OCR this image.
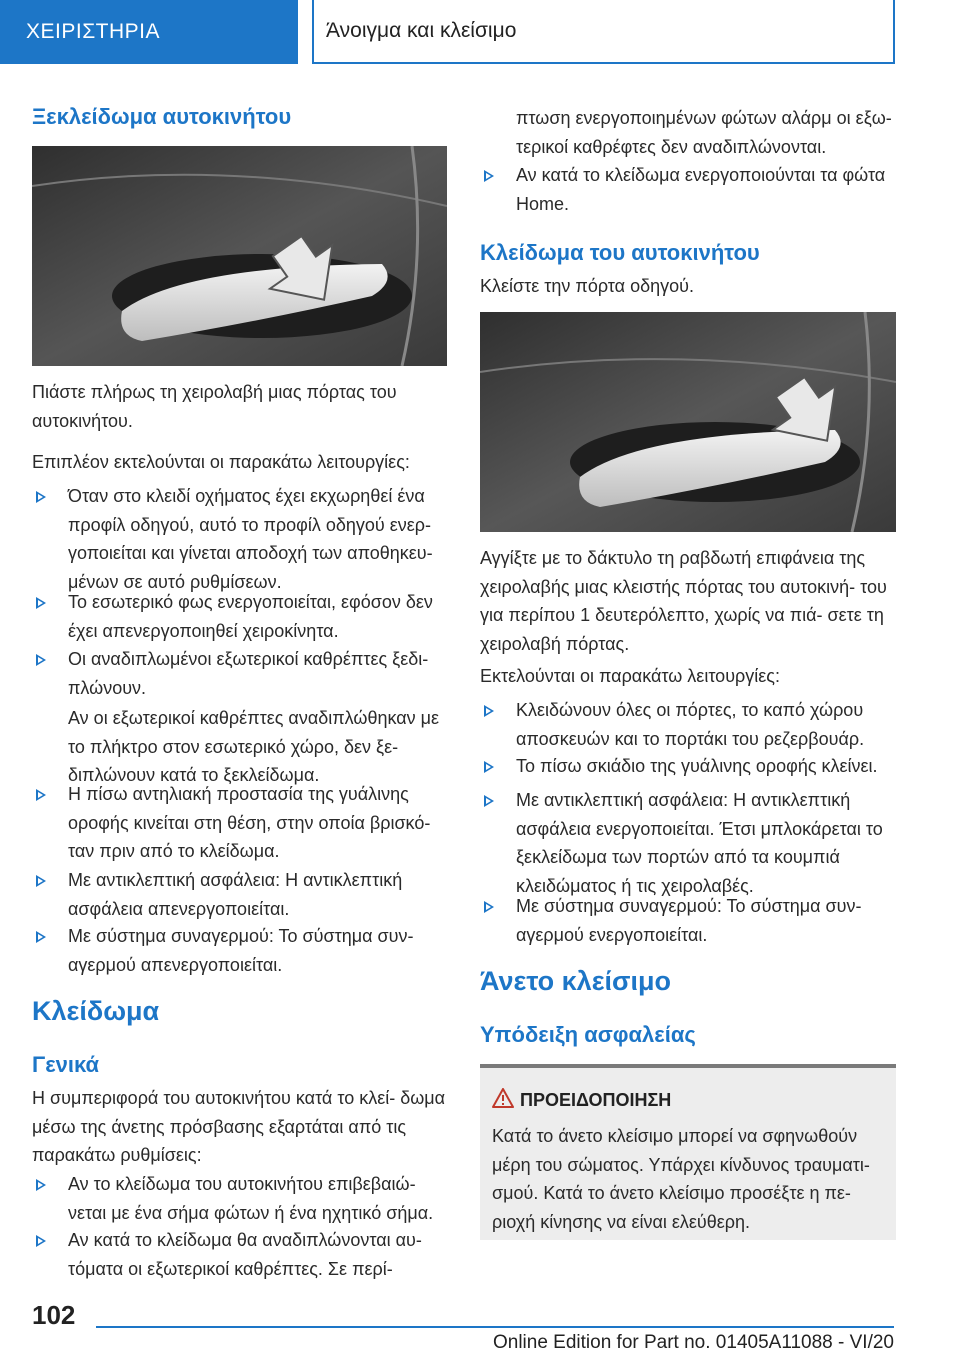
ΧΕΙΡΙΣΤΗΡΙΑ	Άνοιγμα και κλείσιμο
Ξεκλείδωμα αυτοκινήτου
Πιάστε πλήρως τη χειρολαβή μιας πόρτας του αυτοκινήτου.
Επιπλέον εκτελούνται οι παρακάτω λειτουργίες:
Όταν στο κλειδί οχήματος έχει εκχωρηθεί ένα προφίλ οδηγού, αυτό το προφίλ οδηγού ενερ- γοποιείται και γίνεται αποδοχή των αποθηκευ- μένων σε αυτό ρυθμίσεων.
Το εσωτερικό φως ενεργοποιείται, εφόσον δεν έχει απενεργοποιηθεί χειροκίνητα.
Οι αναδιπλωμένοι εξωτερικοί καθρέπτες ξεδι- πλώνουν.
Αν οι εξωτερικοί καθρέπτες αναδιπλώθηκαν με το πλήκτρο στον εσωτερικό χώρο, δεν ξε- διπλώνουν κατά το ξεκλείδωμα.
Η πίσω αντηλιακή προστασία της γυάλινης οροφής κινείται στη θέση, στην οποία βρισκό- ταν πριν από το κλείδωμα.
Με αντικλεπτική ασφάλεια: Η αντικλεπτική ασφάλεια απενεργοποιείται.
Με σύστημα συναγερμού: Το σύστημα συν- αγερμού απενεργοποιείται.
Κλείδωμα
Γενικά
Η συμπεριφορά του αυτοκινήτου κατά το κλεί- δωμα μέσω της άνετης πρόσβασης εξαρτάται από τις παρακάτω ρυθμίσεις:
Αν το κλείδωμα του αυτοκινήτου επιβεβαιώ- νεται με ένα σήμα φώτων ή ένα ηχητικό σήμα.
Αν κατά το κλείδωμα θα αναδιπλώνονται αυ- τόματα οι εξωτερικοί καθρέπτες. Σε περί-
πτωση ενεργοποιημένων φώτων αλάρμ οι εξω- τερικοί καθρέφτες δεν αναδιπλώνονται.
Αν κατά το κλείδωμα ενεργοποιούνται τα φώτα Home.
Κλείδωμα του αυτοκινήτου
Κλείστε την πόρτα οδηγού.
Αγγίξτε με το δάκτυλο τη ραβδωτή επιφάνεια της χειρολαβής μιας κλειστής πόρτας του αυτοκινή- του για περίπου 1 δευτερόλεπτο, χωρίς να πιά- σετε τη χειρολαβή πόρτας.
Εκτελούνται οι παρακάτω λειτουργίες:
Κλειδώνουν όλες οι πόρτες, το καπό χώρου αποσκευών και το πορτάκι του ρεζερβουάρ.
Το πίσω σκιάδιο της γυάλινης οροφής κλείνει.
Με αντικλεπτική ασφάλεια: Η αντικλεπτική ασφάλεια ενεργοποιείται. Έτσι μπλοκάρεται το ξεκλείδωμα των πορτών από τα κουμπιά κλειδώματος ή τις χειρολαβές.
Με σύστημα συναγερμού: Το σύστημα συν- αγερμού ενεργοποιείται.
Άνετο κλείσιμο
Υπόδειξη ασφαλείας
ΠΡΟΕΙΔΟΠΟΙΗΣΗ
Κατά το άνετο κλείσιμο μπορεί να σφηνωθούν μέρη του σώματος. Υπάρχει κίνδυνος τραυματι- σμού. Κατά το άνετο κλείσιμο προσέξτε η πε- ριοχή κίνησης να είναι ελεύθερη.
102
Online Edition for Part no. 01405A11088 - VI/20
